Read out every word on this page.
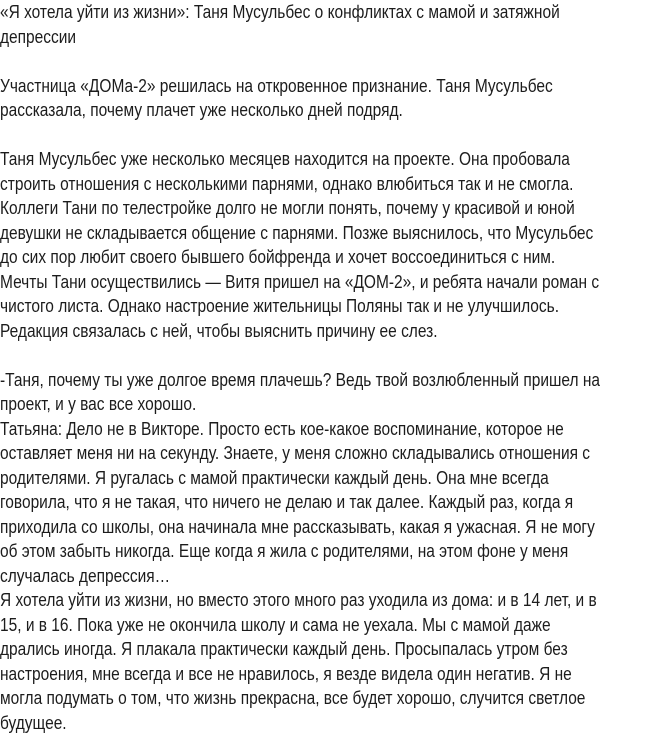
«Я хотела уйти из жизни»: Таня Мусульбес о конфликтах с мамой и затяжной
депрессии
Участница «ДОМа-2» решилась на откровенное признание. Таня Мусульбес
рассказала, почему плачет уже несколько дней подряд.
Таня Мусульбес уже несколько месяцев находится на проекте. Она пробовала
строить отношения с несколькими парнями, однако влюбиться так и не смогла.
Коллеги Тани по телестройке долго не могли понять, почему у красивой и юной
девушки не складывается общение с парнями. Позже выяснилось, что Мусульбес
до сих пор любит своего бывшего бойфренда и хочет воссоединиться с ним.
Мечты Тани осуществились — Витя пришел на «ДОМ-2», и ребята начали роман с
чистого листа. Однако настроение жительницы Поляны так и не улучшилось.
Редакция связалась с ней, чтобы выяснить причину ее слез.
-Таня, почему ты уже долгое время плачешь? Ведь твой возлюбленный пришел на
проект, и у вас все хорошо.
Татьяна: Дело не в Викторе. Просто есть кое-какое воспоминание, которое не
оставляет меня ни на секунду. Знаете, у меня сложно складывались отношения с
родителями. Я ругалась с мамой практически каждый день. Она мне всегда
говорила, что я не такая, что ничего не делаю и так далее. Каждый раз, когда я
приходила со школы, она начинала мне рассказывать, какая я ужасная. Я не могу
об этом забыть никогда. Еще когда я жила с родителями, на этом фоне у меня
случалась депрессия…
Я хотела уйти из жизни, но вместо этого много раз уходила из дома: и в 14 лет, и в
15, и в 16. Пока уже не окончила школу и сама не уехала. Мы с мамой даже
дрались иногда. Я плакала практически каждый день. Просыпалась утром без
настроения, мне всегда и все не нравилось, я везде видела один негатив. Я не
могла подумать о том, что жизнь прекрасна, все будет хорошо, случится светлое
будущее.
